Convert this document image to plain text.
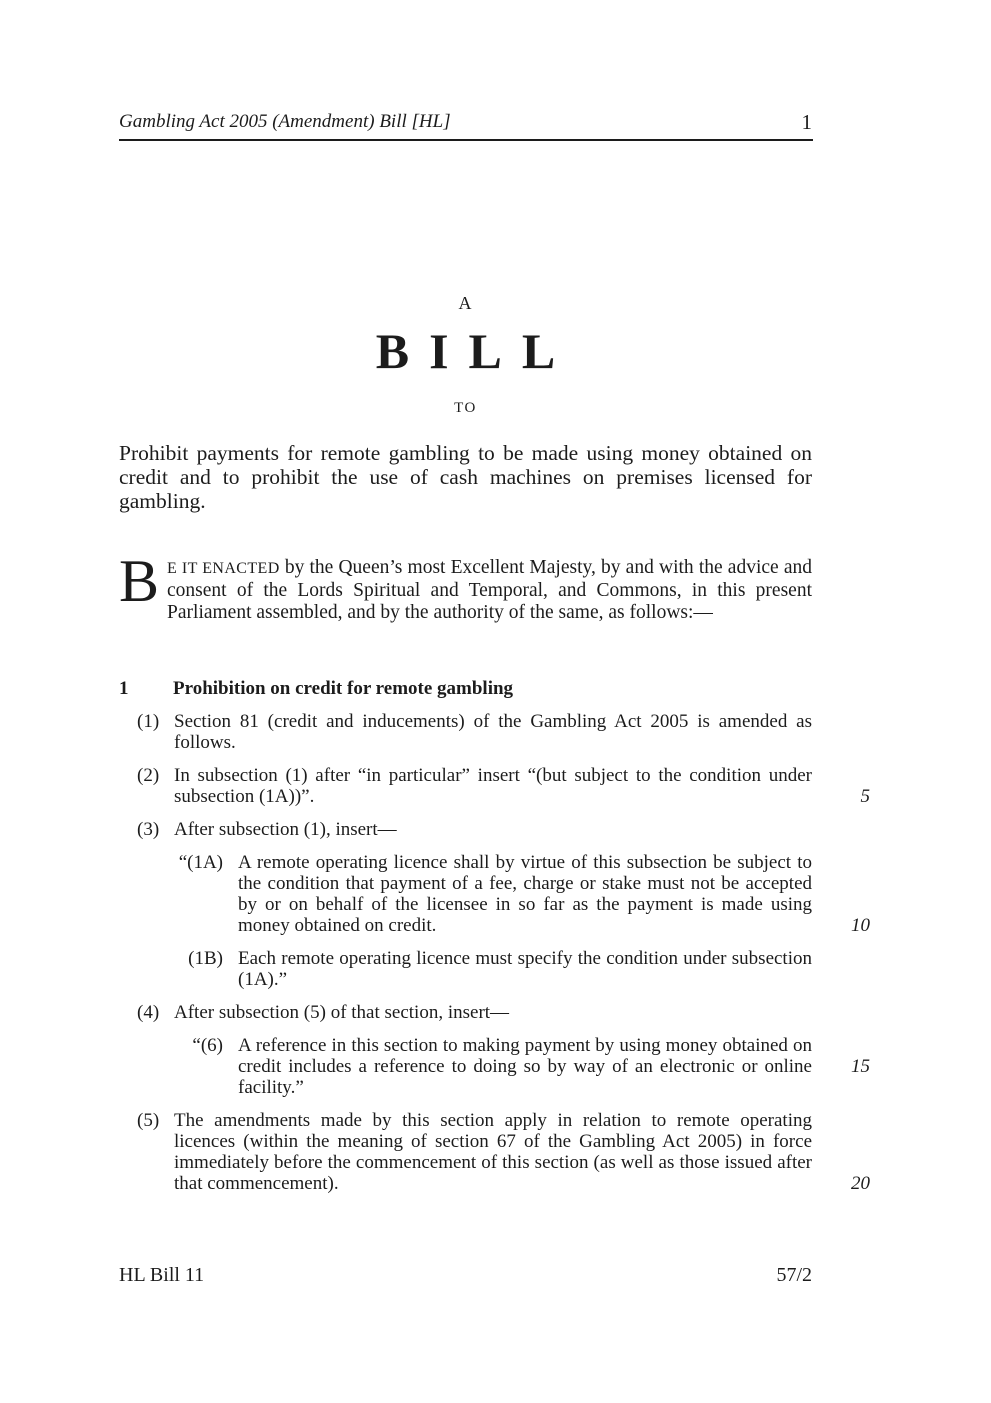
Gambling Act 2005 (Amendment) Bill [HL]	1
A
BILL
TO

Prohibit payments for remote gambling to be made using money obtained on credit and to prohibit the use of cash machines on premises licensed for gambling.

B E IT ENACTED by the Queen’s most Excellent Majesty, by and with the advice and consent of the Lords Spiritual and Temporal, and Commons, in this present Parliament assembled, and by the authority of the same, as follows:—

1 Prohibition on credit for remote gambling
(1) Section 81 (credit and inducements) of the Gambling Act 2005 is amended as follows.
(2) In subsection (1) after “in particular” insert “(but subject to the condition under subsection (1A))”.	5
(3) After subsection (1), insert—
“(1A) A remote operating licence shall by virtue of this subsection be subject to the condition that payment of a fee, charge or stake must not be accepted by or on behalf of the licensee in so far as the payment is made using money obtained on credit.	10
(1B) Each remote operating licence must specify the condition under subsection (1A).”
(4) After subsection (5) of that section, insert—
“(6) A reference in this section to making payment by using money obtained on credit includes a reference to doing so by way of an electronic or online facility.”
15
(5) The amendments made by this section apply in relation to remote operating licences (within the meaning of section 67 of the Gambling Act 2005) in force immediately before the commencement of this section (as well as those issued after that commencement).	20
HL Bill 11	57/2
